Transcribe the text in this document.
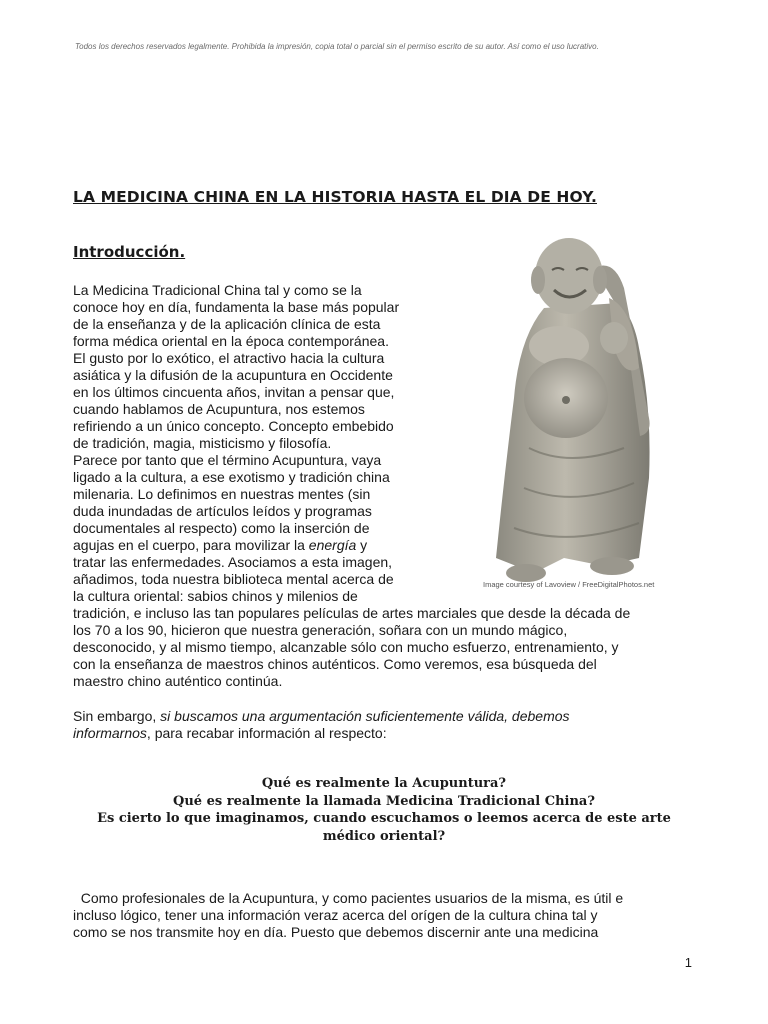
Todos los derechos reservados legalmente. Prohibida la impresión, copia total o parcial sin el permiso escrito de su autor. Así como el uso lucrativo.
LA MEDICINA CHINA EN LA HISTORIA HASTA EL DIA DE HOY.
Introducción.
Image courtesy of Lavoview / FreeDigitalPhotos.net
La Medicina Tradicional China tal y como se la
conoce hoy en día, fundamenta la base más popular
de la enseñanza y de la aplicación clínica de esta
forma médica oriental en la época contemporánea.
El gusto por lo exótico, el atractivo hacia la cultura
asiática y la difusión de la acupuntura en Occidente
en los últimos cincuenta años, invitan a pensar que,
cuando hablamos de Acupuntura, nos estemos
refiriendo a un único concepto. Concepto embebido
de tradición, magia, misticismo y filosofía.
Parece por tanto que el término Acupuntura, vaya
ligado a la cultura, a ese exotismo y tradición china
milenaria. Lo definimos en nuestras mentes (sin
duda inundadas de artículos leídos y programas
documentales al respecto) como la inserción de
agujas en el cuerpo, para movilizar la energía y
tratar las enfermedades. Asociamos a esta imagen,
añadimos, toda nuestra biblioteca mental acerca de
la cultura oriental: sabios chinos y milenios de
tradición, e incluso las tan populares películas de artes marciales que desde la década de
los 70 a los 90, hicieron que nuestra generación, soñara con un mundo mágico,
desconocido, y al mismo tiempo, alcanzable sólo con mucho esfuerzo, entrenamiento, y
con la enseñanza de maestros chinos auténticos. Como veremos, esa búsqueda del
maestro chino auténtico continúa.
Sin embargo, si buscamos una argumentación suficientemente válida, debemos
informarnos, para recabar información al respecto:
Qué es realmente la Acupuntura?
Qué es realmente la llamada Medicina Tradicional China?
Es cierto lo que imaginamos, cuando escuchamos o leemos acerca de este arte
médico oriental?
Como profesionales de la Acupuntura, y como pacientes usuarios de la misma, es útil e
incluso lógico, tener una información veraz acerca del orígen de la cultura china tal y
como se nos transmite hoy en día. Puesto que debemos discernir ante una medicina
1
